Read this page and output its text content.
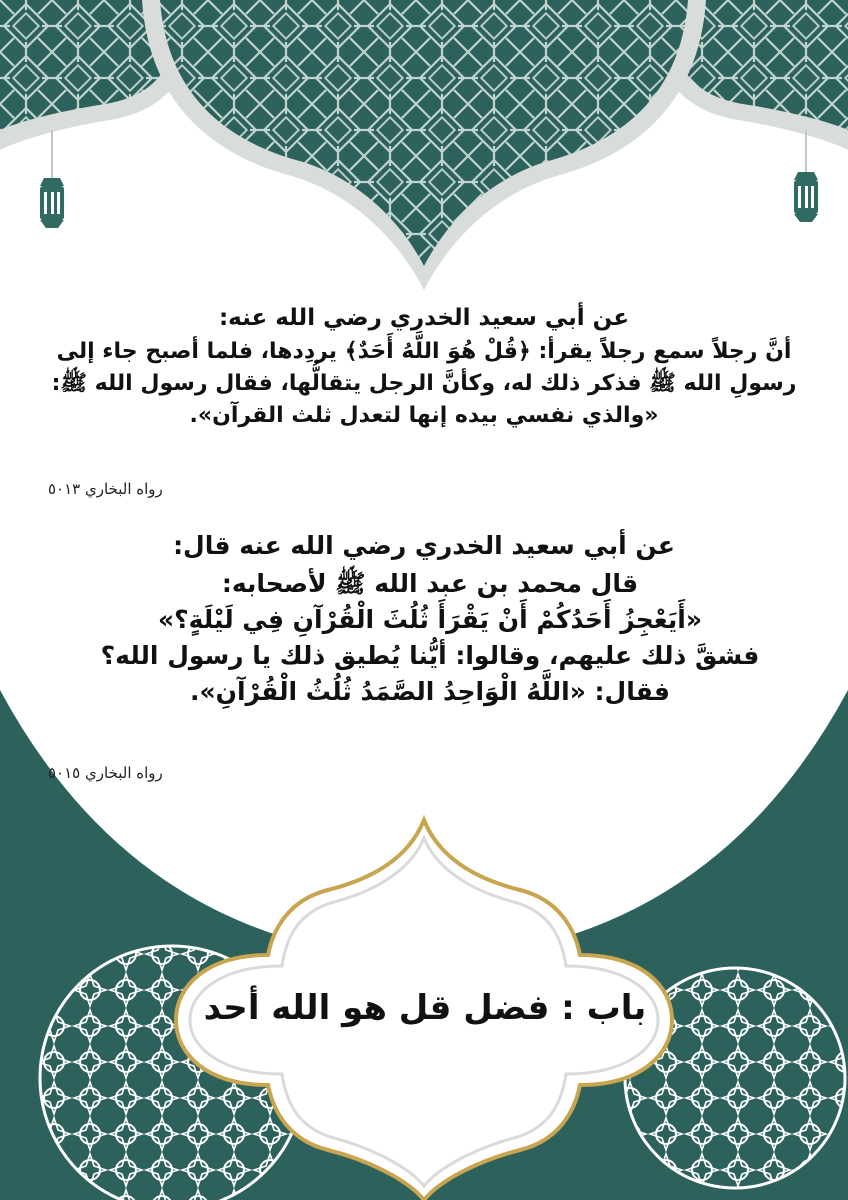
عن أبي سعيد الخدري رضي الله عنه:
أنَّ رجلاً سمع رجلاً يقرأ: ﴿قُلْ هُوَ اللَّهُ أَحَدٌ﴾ يردِدها، فلما أصبح جاء إلى
رسولِ الله ﷺ فذكر ذلك له، وكأنَّ الرجل يتقالُّها، فقال رسول الله ﷺ:
«والذي نفسي بيده إنها لتعدل ثلث القرآن».
رواه البخاري ٥٠١٣
عن أبي سعيد الخدري رضي الله عنه قال:
قال محمد بن عبد الله ﷺ لأصحابه:
«أَيَعْجِزُ أَحَدُكُمْ أَنْ يَقْرَأَ ثُلُثَ الْقُرْآنِ فِي لَيْلَةٍ؟»
فشقَّ ذلك عليهم، وقالوا: أيُّنا يُطيق ذلك يا رسول الله؟
فقال: «اللَّهُ الْوَاحِدُ الصَّمَدُ ثُلُثُ الْقُرْآنِ».
رواه البخاري ٥٠١٥
باب : فضل قل هو الله أحد
